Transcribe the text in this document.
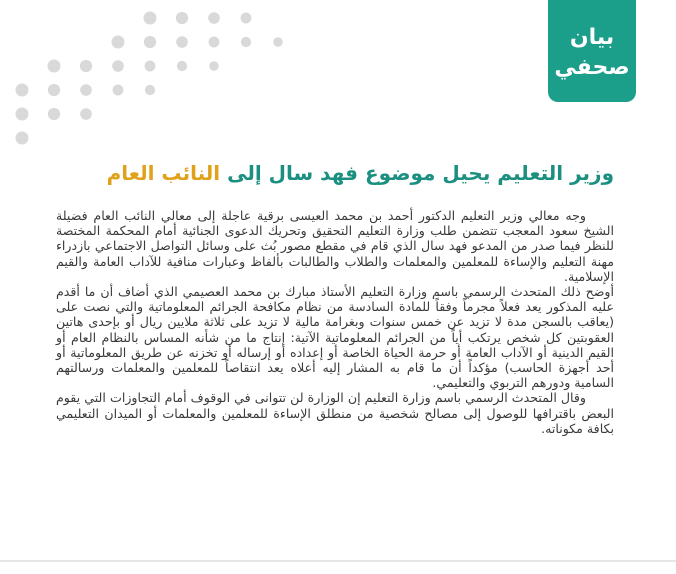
بيان
صحفي
وزير التعليم يحيل موضوع فهد سال إلى النائب العام

وجه معالي وزير التعليم الدكتور أحمد بن محمد العيسى برقية عاجلة إلى معالي النائب العام فضيلة الشيخ سعود المعجب تتضمن طلب وزارة التعليم التحقيق وتحريك الدعوى الجنائية أمام المحكمة المختصة للنظر فيما صدر من المدعو فهد سال الذي قام في مقطع مصور بُث على وسائل التواصل الاجتماعي بازدراء مهنة التعليم والإساءة للمعلمين والمعلمات والطلاب والطالبات بألفاظ وعبارات منافية للآداب العامة والقيم الإسلامية.

أوضح ذلك المتحدث الرسمي باسم وزارة التعليم الأستاذ مبارك بن محمد العصيمي الذي أضاف أن ما أقدم عليه المذكور يعد فعلاً مجرماً وفقاً للمادة السادسة من نظام مكافحة الجرائم المعلوماتية والتي نصت على (يعاقب بالسجن مدة لا تزيد عن خمس سنوات وبغرامة مالية لا تزيد على ثلاثة ملايين ريال أو بإحدى هاتين العقوبتين كل شخص يرتكب أياً من الجرائم المعلوماتية الآتية: إنتاج ما من شأنه المساس بالنظام العام أو القيم الدينية أو الآداب العامة أو حرمة الحياة الخاصة أو إعداده أو إرساله أو تخزنه عن طريق المعلوماتية أو أحد أجهزة الحاسب) مؤكداً أن ما قام به المشار إليه أعلاه يعد انتقاصاً للمعلمين والمعلمات ورسالتهم السامية ودورهم التربوي والتعليمي.

وقال المتحدث الرسمي باسم وزارة التعليم إن الوزارة لن تتوانى في الوقوف أمام التجاوزات التي يقوم البعض باقترافها للوصول إلى مصالح شخصية من منطلق الإساءة للمعلمين والمعلمات أو الميدان التعليمي بكافة مكوناته.
